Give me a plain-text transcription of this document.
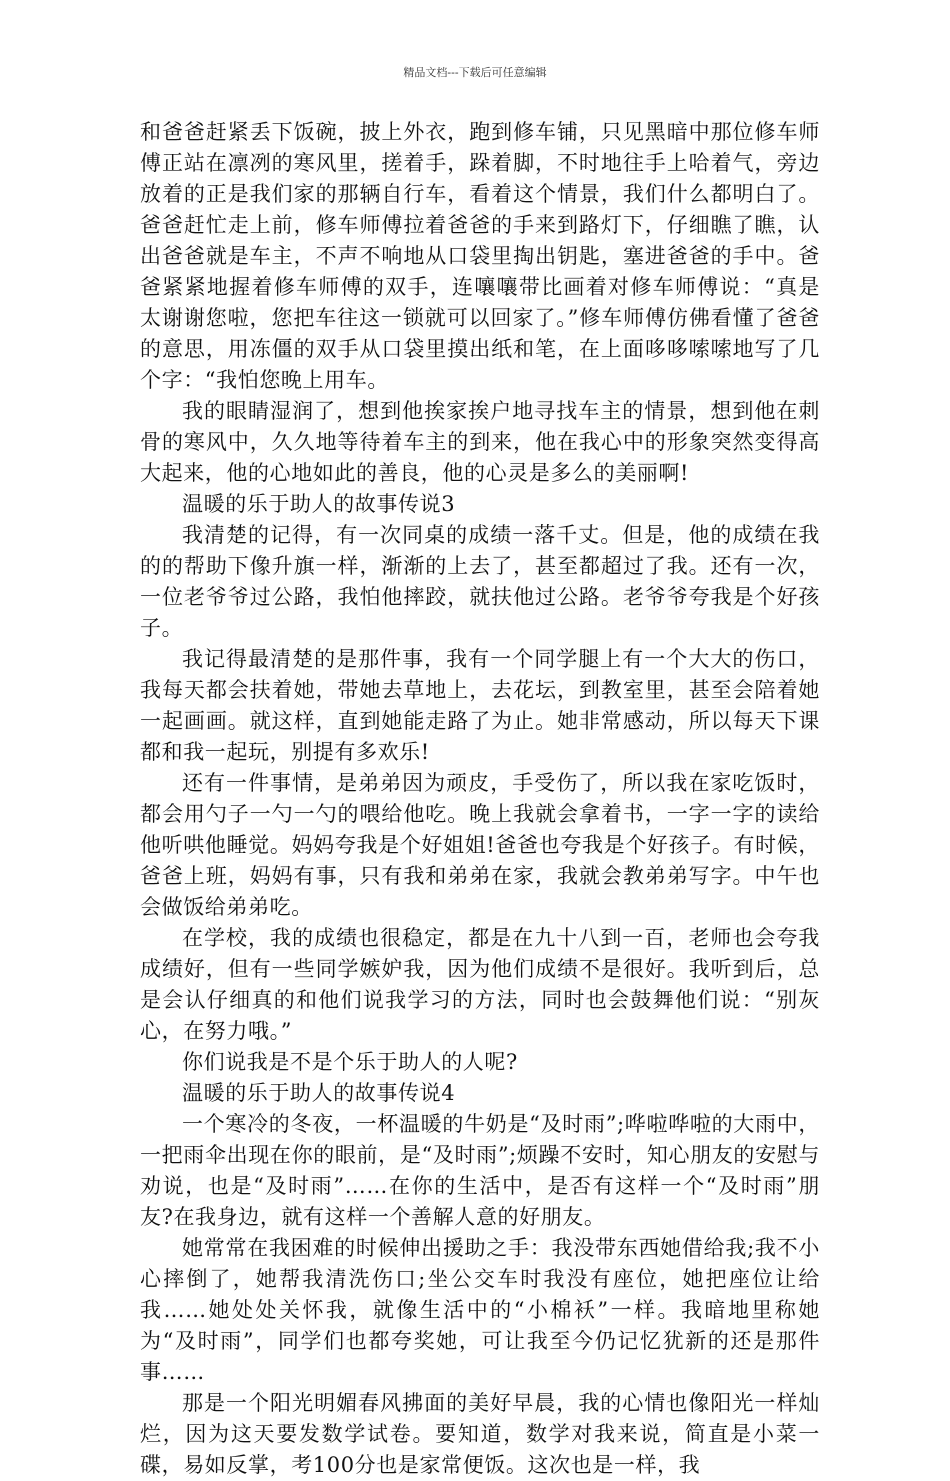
精品文档---下载后可任意编辑

和爸爸赶紧丢下饭碗，披上外衣，跑到修车铺，只见黑暗中那位修车师傅正站在凛冽的寒风里，搓着手，跺着脚，不时地往手上哈着气，旁边放着的正是我们家的那辆自行车，看着这个情景，我们什么都明白了。爸爸赶忙走上前，修车师傅拉着爸爸的手来到路灯下，仔细瞧了瞧，认出爸爸就是车主，不声不响地从口袋里掏出钥匙，塞进爸爸的手中。爸爸紧紧地握着修车师傅的双手，连嚷嚷带比画着对修车师傅说：“真是太谢谢您啦，您把车往这一锁就可以回家了。”修车师傅仿佛看懂了爸爸的意思，用冻僵的双手从口袋里摸出纸和笔，在上面哆哆嗦嗦地写了几个字：“我怕您晚上用车。

我的眼睛湿润了，想到他挨家挨户地寻找车主的情景，想到他在刺骨的寒风中，久久地等待着车主的到来，他在我心中的形象突然变得高大起来，他的心地如此的善良，他的心灵是多么的美丽啊!

温暖的乐于助人的故事传说3

我清楚的记得，有一次同桌的成绩一落千丈。但是，他的成绩在我的的帮助下像升旗一样，渐渐的上去了，甚至都超过了我。还有一次，一位老爷爷过公路，我怕他摔跤，就扶他过公路。老爷爷夸我是个好孩子。

我记得最清楚的是那件事，我有一个同学腿上有一个大大的伤口，我每天都会扶着她，带她去草地上，去花坛，到教室里，甚至会陪着她一起画画。就这样，直到她能走路了为止。她非常感动，所以每天下课都和我一起玩，别提有多欢乐!

还有一件事情，是弟弟因为顽皮，手受伤了，所以我在家吃饭时，都会用勺子一勺一勺的喂给他吃。晚上我就会拿着书，一字一字的读给他听哄他睡觉。妈妈夸我是个好姐姐!爸爸也夸我是个好孩子。有时候，爸爸上班，妈妈有事，只有我和弟弟在家，我就会教弟弟写字。中午也会做饭给弟弟吃。

在学校，我的成绩也很稳定，都是在九十八到一百，老师也会夸我成绩好，但有一些同学嫉妒我，因为他们成绩不是很好。我听到后，总是会认仔细真的和他们说我学习的方法，同时也会鼓舞他们说：“别灰心，在努力哦。”

你们说我是不是个乐于助人的人呢?

温暖的乐于助人的故事传说4

一个寒冷的冬夜，一杯温暖的牛奶是“及时雨”;哗啦哗啦的大雨中，一把雨伞出现在你的眼前，是“及时雨”;烦躁不安时，知心朋友的安慰与劝说，也是“及时雨”……在你的生活中，是否有这样一个“及时雨”朋友?在我身边，就有这样一个善解人意的好朋友。

她常常在我困难的时候伸出援助之手：我没带东西她借给我;我不小心摔倒了，她帮我清洗伤口;坐公交车时我没有座位，她把座位让给我……她处处关怀我，就像生活中的“小棉袄”一样。我暗地里称她为“及时雨”，同学们也都夸奖她，可让我至今仍记忆犹新的还是那件事……

那是一个阳光明媚春风拂面的美好早晨，我的心情也像阳光一样灿烂，因为这天要发数学试卷。要知道，数学对我来说，简直是小菜一碟，易如反掌，考100分也是家常便饭。这次也是一样，我
